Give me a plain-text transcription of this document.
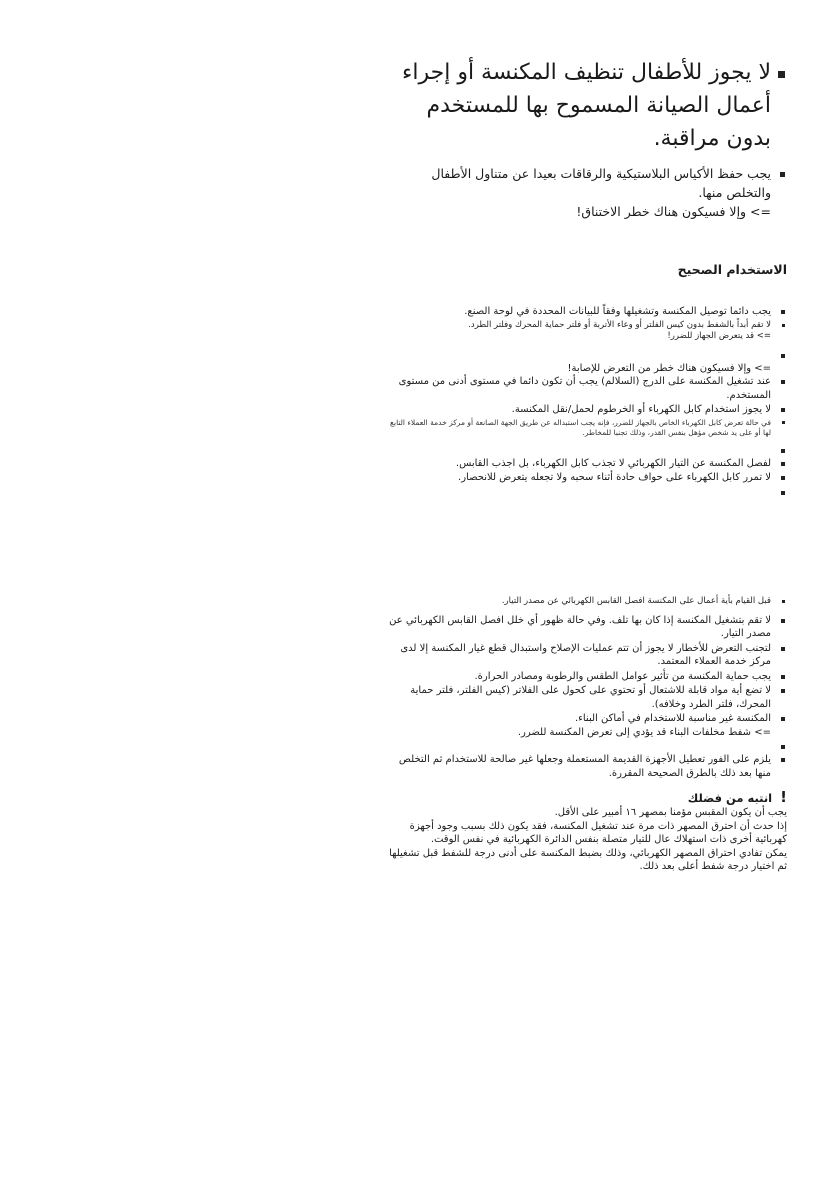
لا يجوز للأطفال تنظيف المكنسة أو إجراء أعمال الصيانة المسموح بها للمستخدم بدون مراقبة.
يجب حفظ الأكياس البلاستيكية والرقاقات بعيدا عن متناول الأطفال والتخلص منها.
=> وإلا فسيكون هناك خطر الاختناق!
الاستخدام الصحيح
يجب دائما توصيل المكنسة وتشغيلها وفقاً للبيانات المحددة في لوحة الصنع.
لا تقم أبداً بالشفط بدون كيس الفلتر أو وعاء الأتربة أو فلتر حماية المحرك وفلتر الطرد.
=> قد يتعرض الجهاز للضرر!
=> وإلا فسيكون هناك خطر من التعرض للإصابة!
عند تشغيل المكنسة على الدرج (السلالم) يجب أن تكون دائما في مستوى أدنى من مستوى المستخدم.
لا يجوز استخدام كابل الكهرباء أو الخرطوم لحمل/نقل المكنسة.
في حالة تعرض كابل الكهرباء الخاص بالجهاز للضرر، فإنه يجب استبداله عن طريق الجهة الصانعة أو مركز خدمة العملاء التابع لها أو على يد شخص مؤهل بنفس القدر، وذلك تجنبا للمخاطر.
لفصل المكنسة عن التيار الكهربائي لا تجذب كابل الكهرباء، بل اجذب القابس.
لا تمرر كابل الكهرباء على حواف حادة أثناء سحبه ولا تجعله يتعرض للانحصار.
قبل القيام بأية أعمال على المكنسة افصل القابس الكهربائي عن مصدر التيار.
لا تقم بتشغيل المكنسة إذا كان بها تلف. وفي حالة ظهور أي خلل افصل القابس الكهربائي عن مصدر التيار.
لتجنب التعرض للأخطار لا يجوز أن تتم عمليات الإصلاح واستبدال قطع غيار المكنسة إلا لدى مركز خدمة العملاء المعتمد.
يجب حماية المكنسة من تأثير عوامل الطقس والرطوبة ومصادر الحرارة.
لا تضع أية مواد قابلة للاشتعال أو تحتوي على كحول على الفلاتر (كيس الفلتر، فلتر حماية المحرك، فلتر الطرد وخلافه).
المكنسة غير مناسبة للاستخدام في أماكن البناء.
=> شفط مخلفات البناء قد يؤدي إلى تعرض المكنسة للضرر.
يلزم على الفور تعطيل الأجهزة القديمة المستعملة وجعلها غير صالحة للاستخدام ثم التخلص منها بعد ذلك بالطرق الصحيحة المقررة.
! انتبه من فضلك
يجب أن يكون المقبس مؤمنا بمصهر ١٦ أمبير على الأقل.
إذا حدث أن احترق المصهر ذات مرة عند تشغيل المكنسة، فقد يكون ذلك بسبب وجود أجهزة كهربائية أخرى ذات استهلاك عال للتيار متصلة بنفس الدائرة الكهربائية في نفس الوقت.
يمكن تفادي احتراق المصهر الكهربائي، وذلك بضبط المكنسة على أدنى درجة للشفط قبل تشغيلها ثم اختيار درجة شفط أعلى بعد ذلك.
